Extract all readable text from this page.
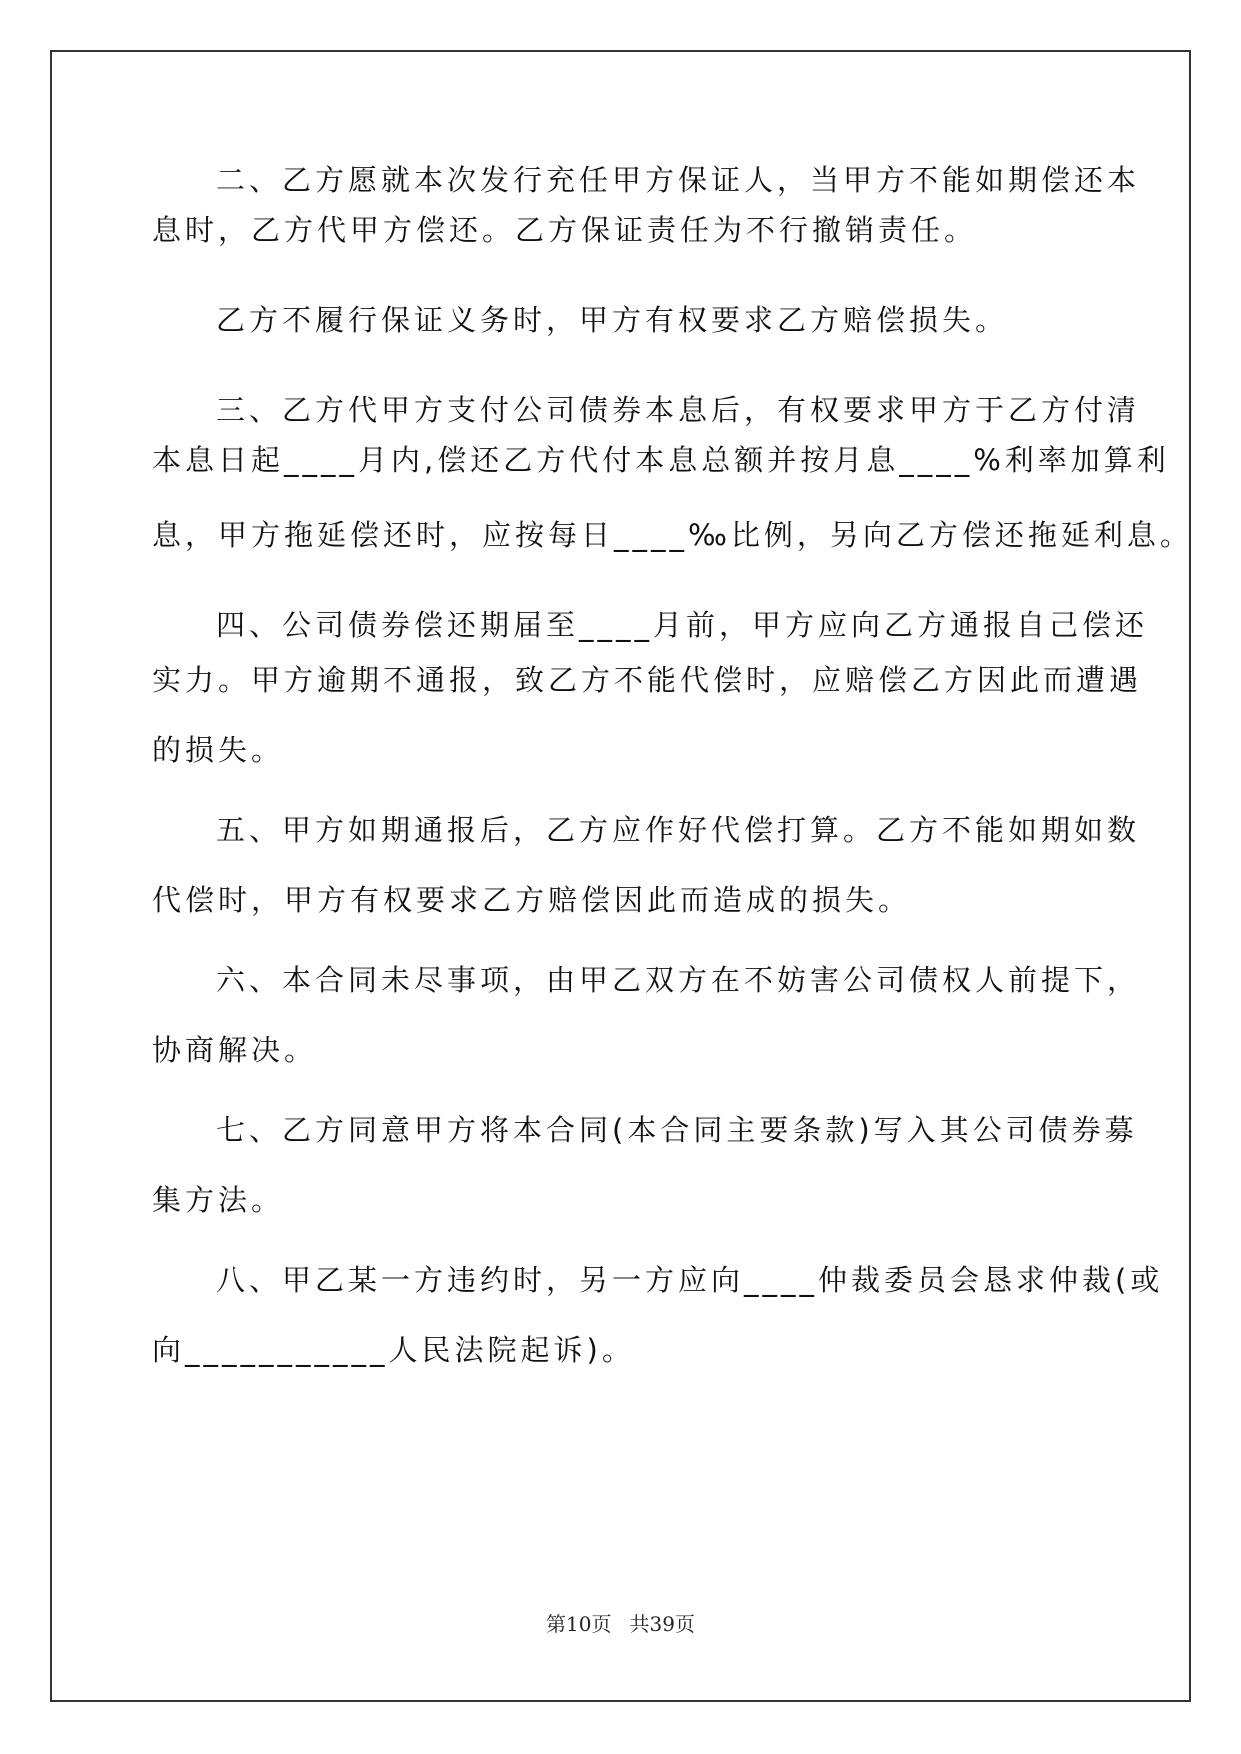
二、乙方愿就本次发行充任甲方保证人，当甲方不能如期偿还本
息时，乙方代甲方偿还。乙方保证责任为不行撤销责任。
乙方不履行保证义务时，甲方有权要求乙方赔偿损失。
三、乙方代甲方支付公司债券本息后，有权要求甲方于乙方付清
本息日起____月内,偿还乙方代付本息总额并按月息____%利率加算利
息，甲方拖延偿还时，应按每日____‰比例，另向乙方偿还拖延利息。
四、公司债券偿还期届至____月前，甲方应向乙方通报自己偿还
实力。甲方逾期不通报，致乙方不能代偿时，应赔偿乙方因此而遭遇
的损失。
五、甲方如期通报后，乙方应作好代偿打算。乙方不能如期如数
代偿时，甲方有权要求乙方赔偿因此而造成的损失。
六、本合同未尽事项，由甲乙双方在不妨害公司债权人前提下，
协商解决。
七、乙方同意甲方将本合同(本合同主要条款)写入其公司债券募
集方法。
八、甲乙某一方违约时，另一方应向____仲裁委员会恳求仲裁(或
向___________人民法院起诉)。
第10页 共39页
